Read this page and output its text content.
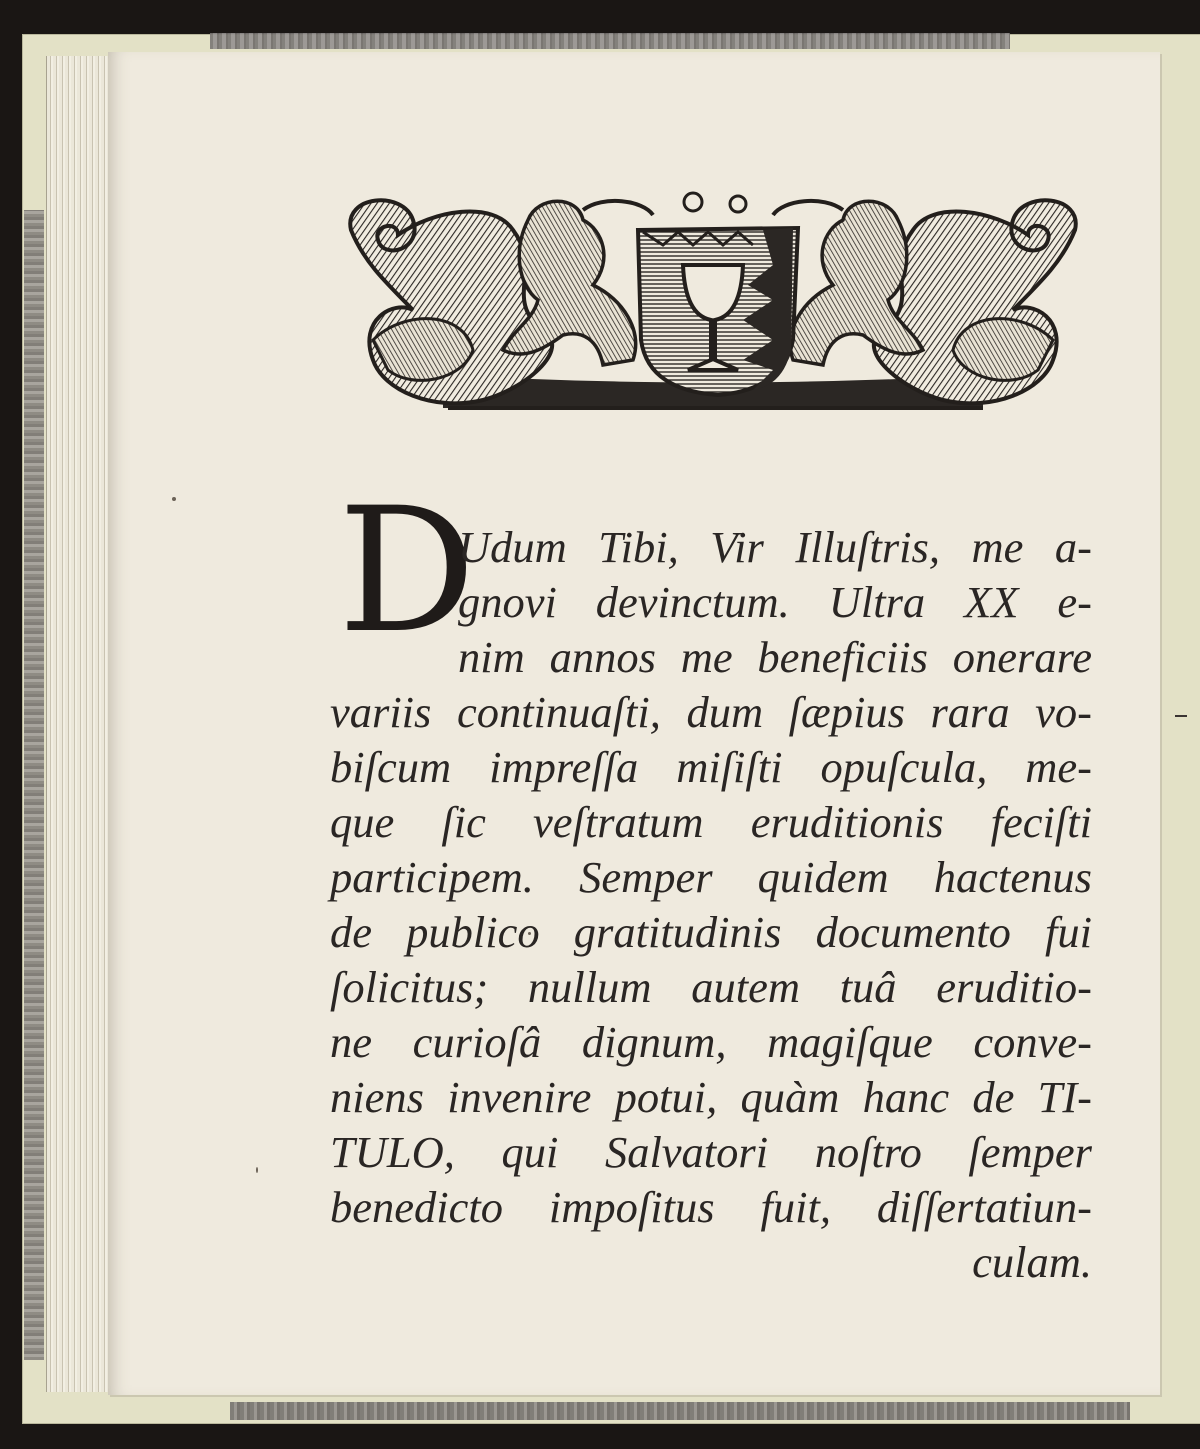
D
Udum Tibi, Vir Illuſtris, me a-
gnovi devinctum. Ultra XX e-
nim annos me beneficiis onerare
variis continuaſti, dum ſæpius rara vo-
biſcum impreſſa miſiſti opuſcula, me-
que ſic veſtratum eruditionis feciſti
participem. Semper quidem hactenus
de publico gratitudinis documento fui
ſolicitus; nullum autem tuâ eruditio-
ne curioſâ dignum, magiſque conve-
niens invenire potui, quàm hanc de TI-
TULO, qui Salvatori noſtro ſemper
benedicto impoſitus fuit, diſſertatiun-
culam.
